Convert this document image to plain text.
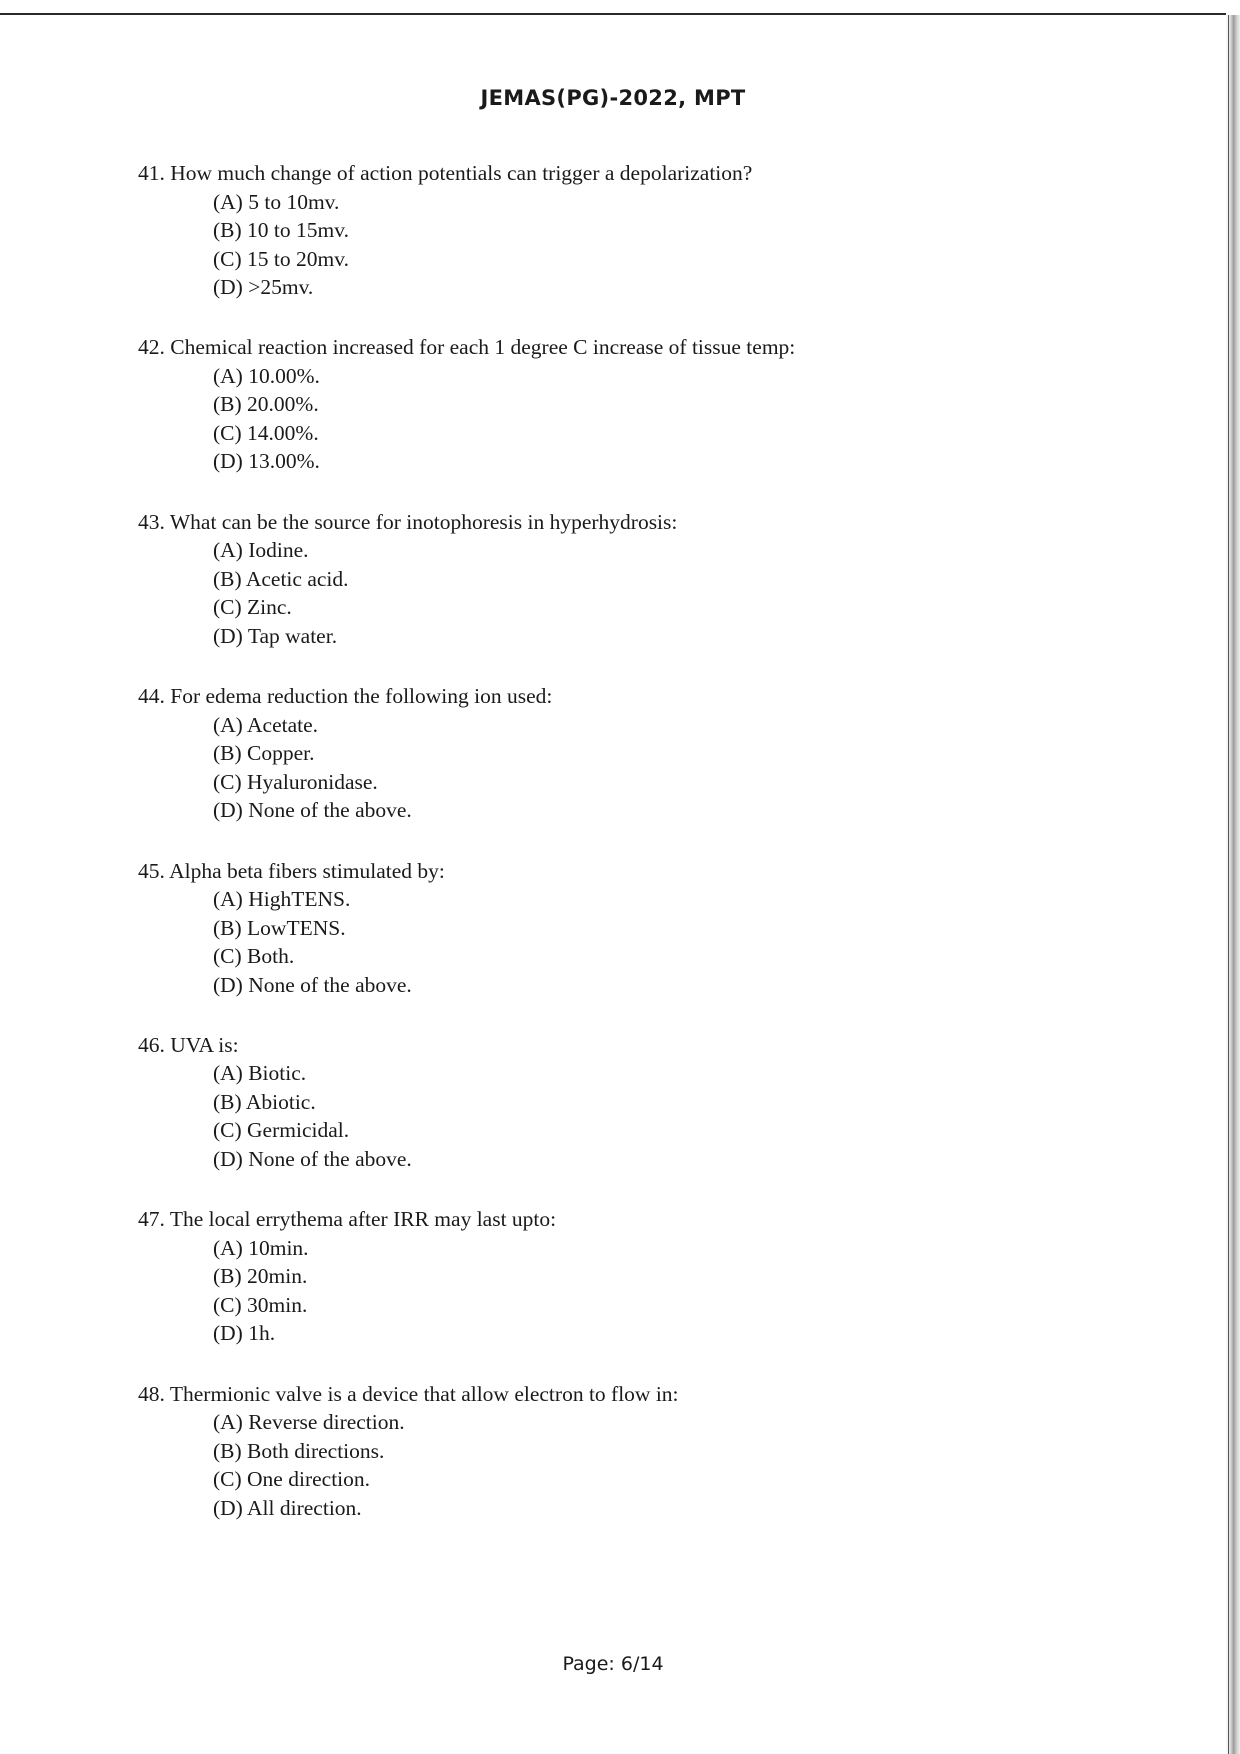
JEMAS(PG)-2022, MPT
41. How much change of action potentials can trigger a depolarization?
(A) 5 to 10mv.
(B) 10 to 15mv.
(C) 15 to 20mv.
(D) >25mv.
42. Chemical reaction increased for each 1 degree C increase of tissue temp:
(A) 10.00%.
(B) 20.00%.
(C) 14.00%.
(D) 13.00%.
43. What can be the source for inotophoresis in hyperhydrosis:
(A) Iodine.
(B) Acetic acid.
(C) Zinc.
(D) Tap water.
44. For edema reduction the following ion used:
(A) Acetate.
(B) Copper.
(C) Hyaluronidase.
(D) None of the above.
45. Alpha beta fibers stimulated by:
(A) HighTENS.
(B) LowTENS.
(C) Both.
(D) None of the above.
46. UVA is:
(A) Biotic.
(B) Abiotic.
(C) Germicidal.
(D) None of the above.
47. The local errythema after IRR may last upto:
(A) 10min.
(B) 20min.
(C) 30min.
(D) 1h.
48. Thermionic valve is a device that allow electron to flow in:
(A) Reverse direction.
(B) Both directions.
(C) One direction.
(D) All direction.
Page: 6/14
